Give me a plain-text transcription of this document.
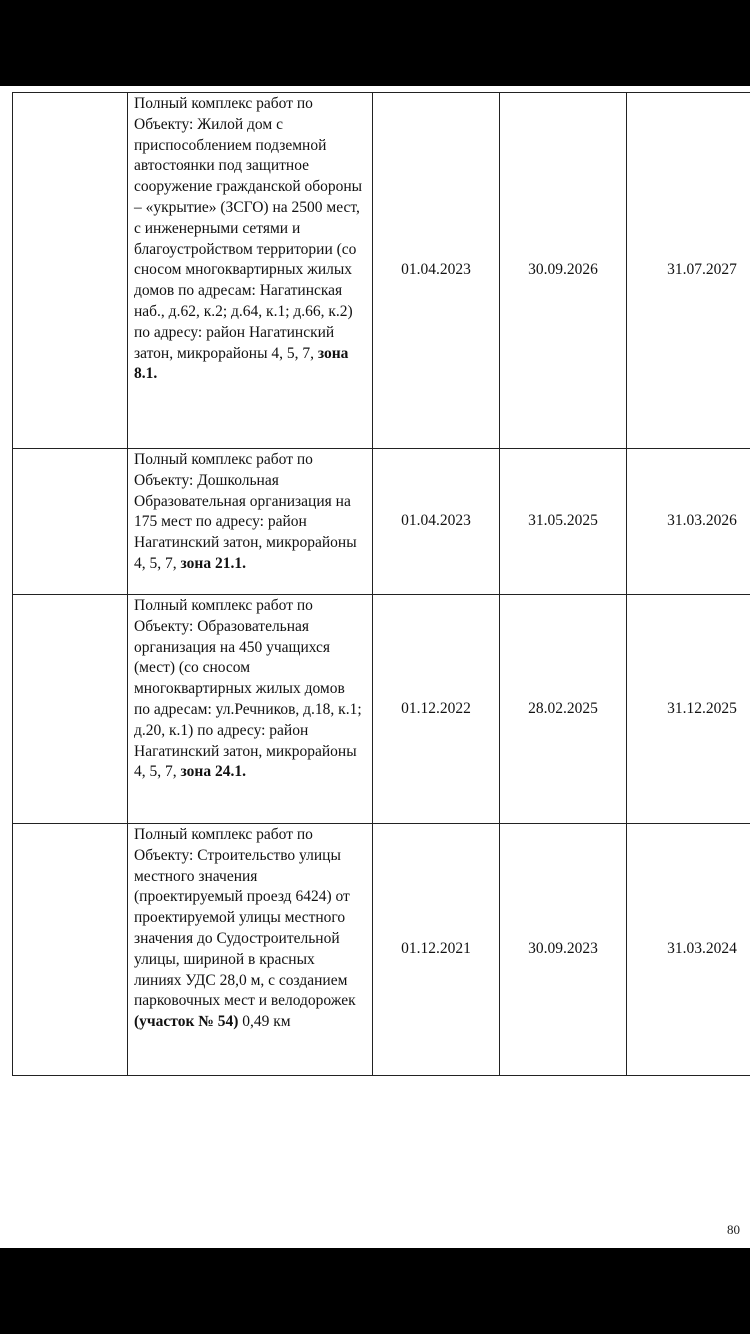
	Полный комплекс работ по Объекту: Жилой дом с приспособлением подземной автостоянки под защитное сооружение гражданской обороны – «укрытие» (ЗСГО) на 2500 мест, с инженерными сетями и благоустройством территории (со сносом многоквартирных жилых домов по адресам: Нагатинская наб., д.62, к.2; д.64, к.1; д.66, к.2) по адресу: район Нагатинский затон, микрорайоны 4, 5, 7, зона 8.1.	01.04.2023	30.09.2026	31.07.2027
	Полный комплекс работ по Объекту: Дошкольная Образовательная организация на 175 мест по адресу: район Нагатинский затон, микрорайоны 4, 5, 7, зона 21.1.	01.04.2023	31.05.2025	31.03.2026
	Полный комплекс работ по Объекту: Образовательная организация на 450 учащихся (мест) (со сносом многоквартирных жилых домов по адресам: ул.Речников, д.18, к.1; д.20, к.1) по адресу: район Нагатинский затон, микрорайоны 4, 5, 7, зона 24.1.	01.12.2022	28.02.2025	31.12.2025
	Полный комплекс работ по Объекту: Строительство улицы местного значения (проектируемый проезд 6424) от проектируемой улицы местного значения до Судостроительной улицы, шириной в красных линиях УДС 28,0 м, с созданием парковочных мест и велодорожек (участок № 54) 0,49 км	01.12.2021	30.09.2023	31.03.2024
80
